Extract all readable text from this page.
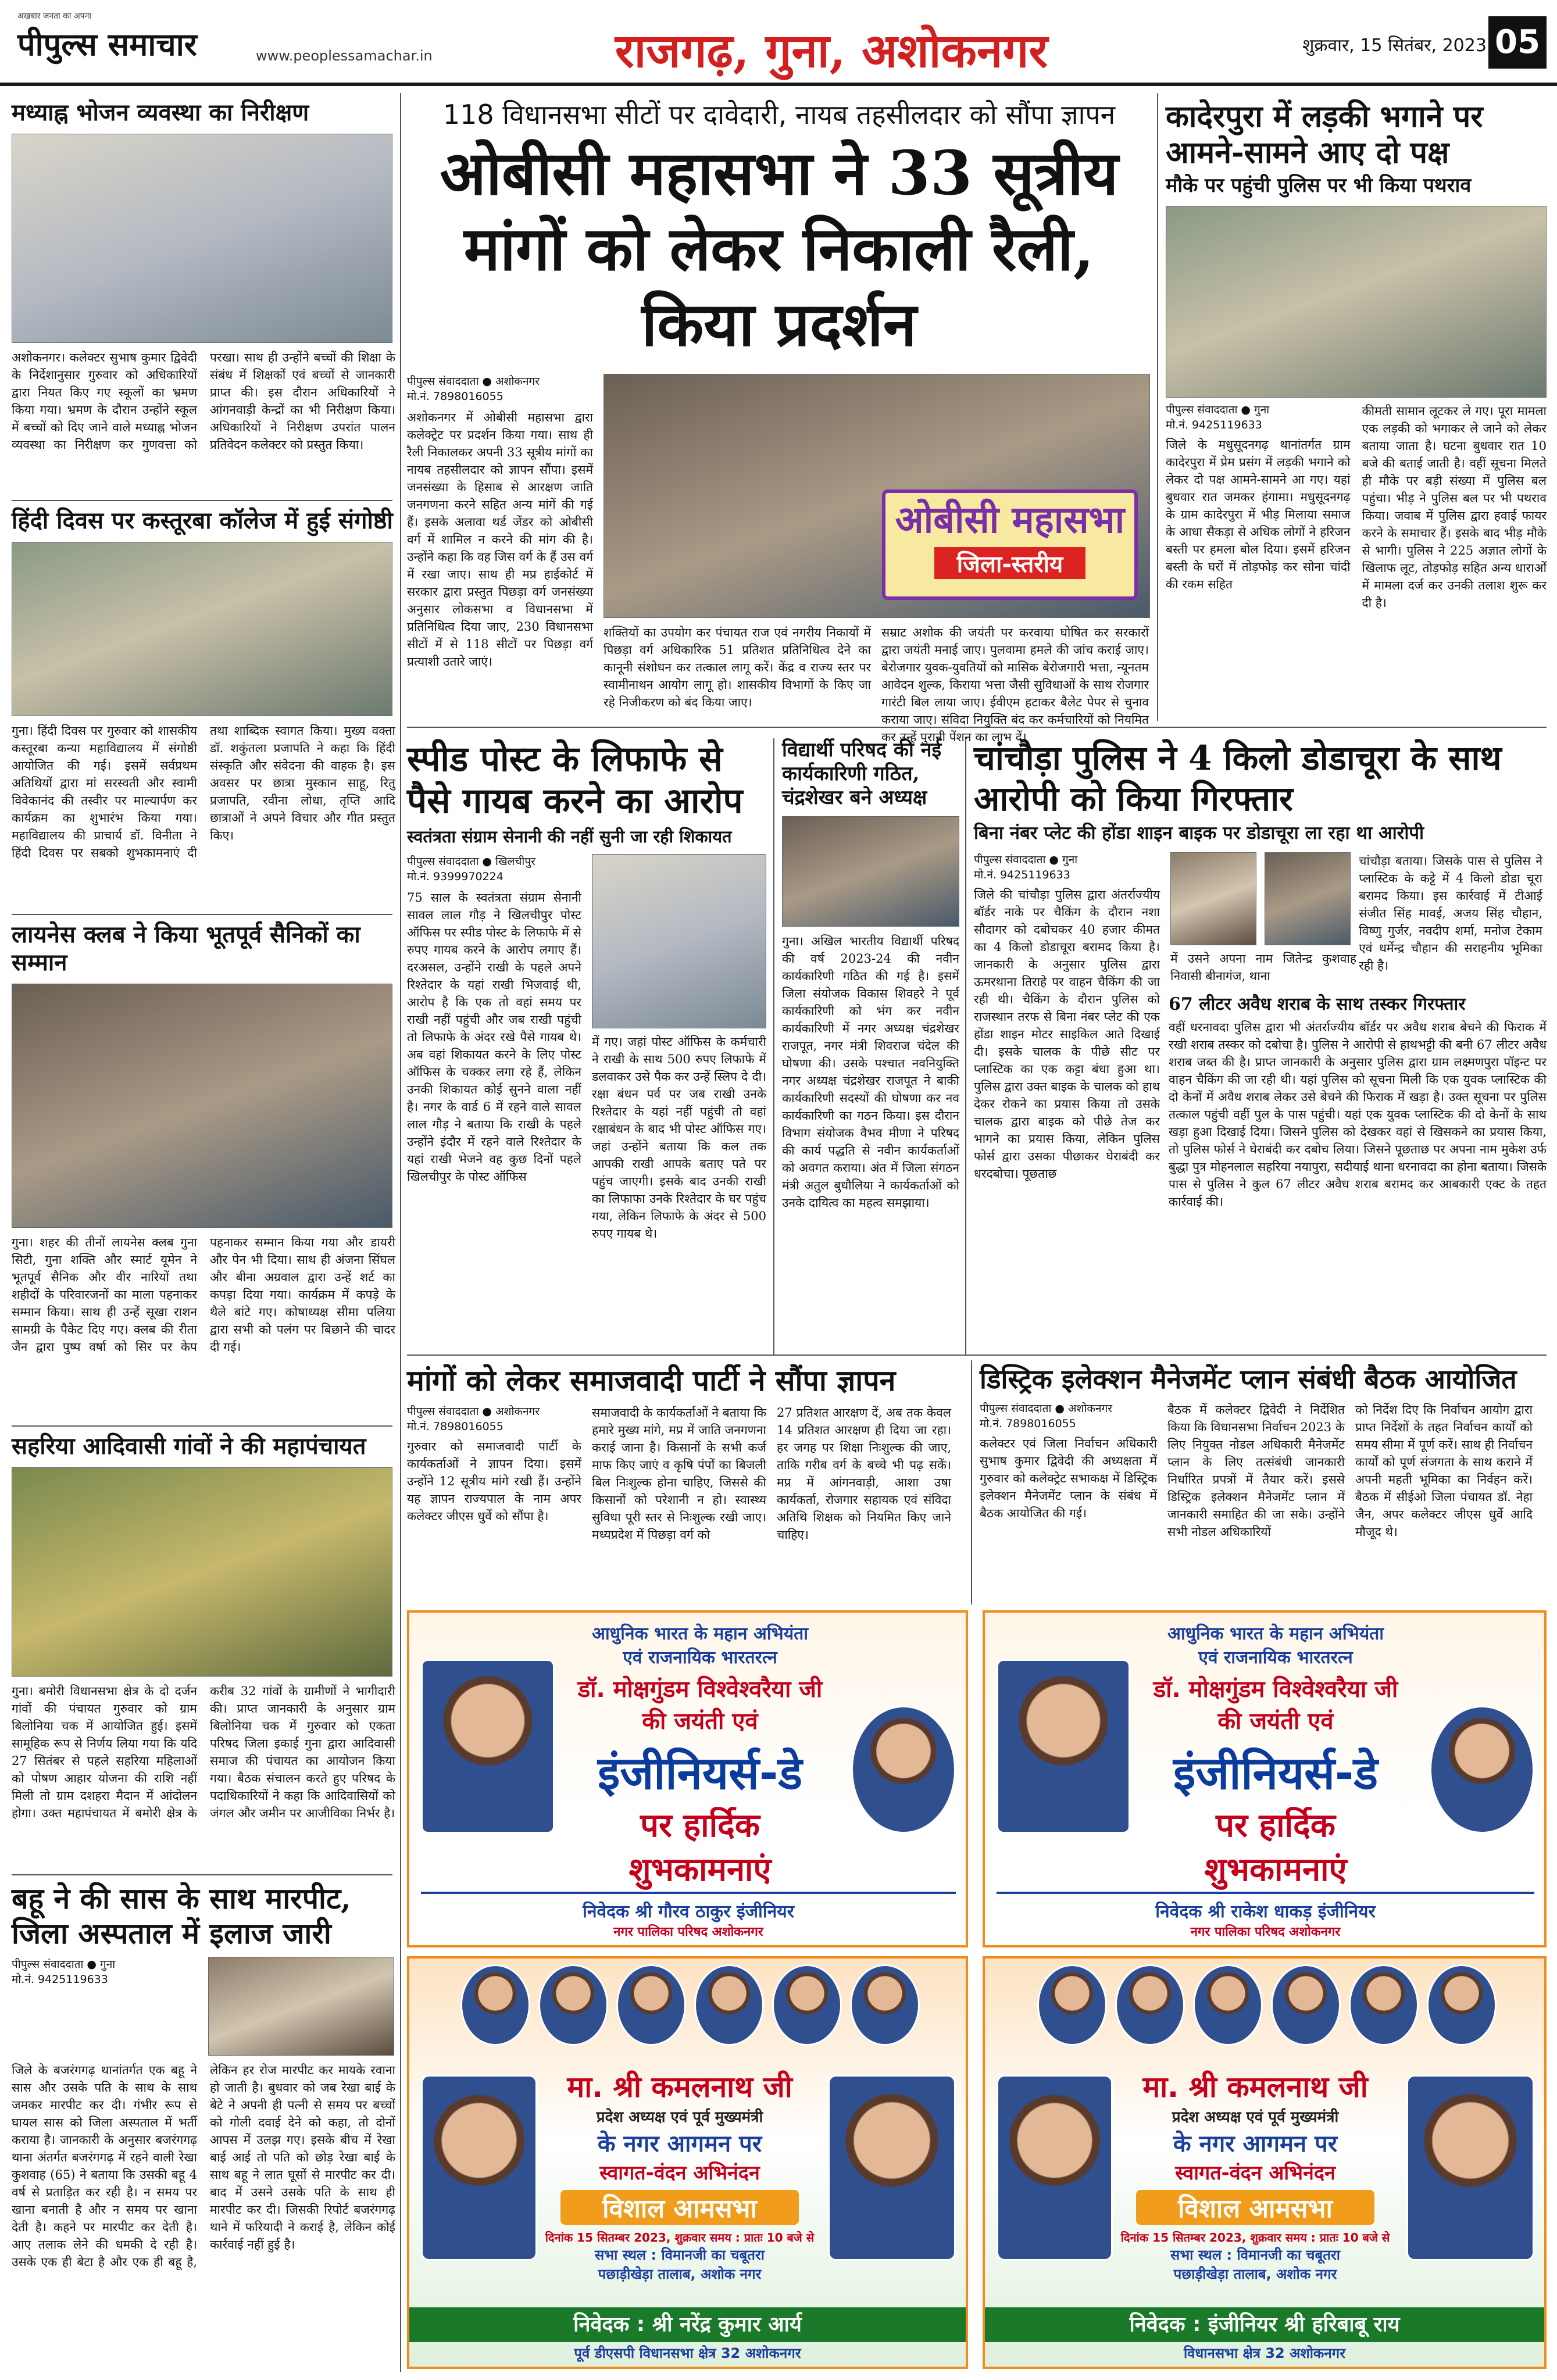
अखबार जनता का अपना
पीपुल्स समाचार	www.peoplessamachar.in	राजगढ़, गुना, अशोकनगर	शुक्रवार, 15 सितंबर, 2023 05
मध्याह्न भोजन व्यवस्था का निरीक्षण
अशोकनगर। कलेक्टर सुभाष कुमार द्विवेदी के निर्देशानुसार गुरुवार को अधिकारियों द्वारा नियत किए गए स्कूलों का भ्रमण किया गया। भ्रमण के दौरान उन्होंने स्कूल में बच्चों को दिए जाने वाले मध्याह्न भोजन व्यवस्था का निरीक्षण कर गुणवत्ता को परखा। साथ ही उन्होंने बच्चों की शिक्षा के संबंध में शिक्षकों एवं बच्चों से जानकारी प्राप्त की। इस दौरान अधिकारियों ने आंगनवाड़ी केन्द्रों का भी निरीक्षण किया। अधिकारियों ने निरीक्षण उपरांत पालन प्रतिवेदन कलेक्टर को प्रस्तुत किया।
हिंदी दिवस पर कस्तूरबा कॉलेज में हुई संगोष्ठी
गुना। हिंदी दिवस पर गुरुवार को शासकीय कस्तूरबा कन्या महाविद्यालय में संगोष्ठी आयोजित की गई। इसमें सर्वप्रथम अतिथियों द्वारा मां सरस्वती और स्वामी विवेकानंद की तस्वीर पर माल्यार्पण कर कार्यक्रम का शुभारंभ किया गया। महाविद्यालय की प्राचार्य डॉ. विनीता ने हिंदी दिवस पर सबको शुभकामनाएं दी तथा शाब्दिक स्वागत किया। मुख्य वक्ता डॉ. शकुंतला प्रजापति ने कहा कि हिंदी संस्कृति और संवेदना की वाहक है। इस अवसर पर छात्रा मुस्कान साहू, रितु प्रजापति, रवीना लोधा, तृप्ति आदि छात्राओं ने अपने विचार और गीत प्रस्तुत किए।
लायनेस क्लब ने किया भूतपूर्व सैनिकों का सम्मान
गुना। शहर की तीनों लायनेस क्लब गुना सिटी, गुना शक्ति और स्मार्ट यूमेन ने भूतपूर्व सैनिक और वीर नारियों तथा शहीदों के परिवारजनों का माला पहनाकर सम्मान किया। साथ ही उन्हें सूखा राशन सामग्री के पैकेट दिए गए। क्लब की रीता जैन द्वारा पुष्प वर्षा को सिर पर केप पहनाकर सम्मान किया गया और डायरी और पेन भी दिया। साथ ही अंजना सिंघल और बीना अग्रवाल द्वारा उन्हें शर्ट का कपड़ा दिया गया। कार्यक्रम में कपड़े के थैले बांटे गए। कोषाध्यक्ष सीमा पलिया द्वारा सभी को पलंग पर बिछाने की चादर दी गई।
सहरिया आदिवासी गांवों ने की महापंचायत
गुना। बमोरी विधानसभा क्षेत्र के दो दर्जन गांवों की पंचायत गुरुवार को ग्राम बिलोनिया चक में आयोजित हुई। इसमें सामूहिक रूप से निर्णय लिया गया कि यदि 27 सितंबर से पहले सहरिया महिलाओं को पोषण आहार योजना की राशि नहीं मिली तो ग्राम दशहरा मैदान में आंदोलन होगा। उक्त महापंचायत में बमोरी क्षेत्र के करीब 32 गांवों के ग्रामीणों ने भागीदारी की। प्राप्त जानकारी के अनुसार ग्राम बिलोनिया चक में गुरुवार को एकता परिषद जिला इकाई गुना द्वारा आदिवासी समाज की पंचायत का आयोजन किया गया। बैठक संचालन करते हुए परिषद के पदाधिकारियों ने कहा कि आदिवासियों को जंगल और जमीन पर आजीविका निर्भर है।
बहू ने की सास के साथ मारपीट, जिला अस्पताल में इलाज जारी
पीपुल्स संवाददाता ● गुना
मो.नं. 9425119633
जिले के बजरंगगढ़ थानांतर्गत एक बहू ने सास और उसके पति के साथ के साथ जमकर मारपीट कर दी। गंभीर रूप से घायल सास को जिला अस्पताल में भर्ती कराया है। जानकारी के अनुसार बजरंगगढ़ थाना अंतर्गत बजरंगगढ़ में रहने वाली रेखा कुशवाह (65) ने बताया कि उसकी बहू 4 वर्ष से प्रताड़ित कर रही है। न समय पर खाना बनाती है और न समय पर खाना देती है। कहने पर मारपीट कर देती है। आए तलाक लेने की धमकी दे रही है। उसके एक ही बेटा है और एक ही बहू है, लेकिन हर रोज मारपीट कर मायके रवाना हो जाती है। बुधवार को जब रेखा बाई के बेटे ने अपनी ही पत्नी से समय पर बच्चों को गोली दवाई देने को कहा, तो दोनों आपस में उलझ गए। इसके बीच में रेखा बाई आई तो पति को छोड़ रेखा बाई के साथ बहू ने लात घूसों से मारपीट कर दी। बाद में उसने उसके पति के साथ ही मारपीट कर दी। जिसकी रिपोर्ट बजरंगगढ़ थाने में फरियादी ने कराई है, लेकिन कोई कार्रवाई नहीं हुई है।
118 विधानसभा सीटों पर दावेदारी, नायब तहसीलदार को सौंपा ज्ञापन
ओबीसी महासभा ने 33 सूत्रीय मांगों को लेकर निकाली रैली, किया प्रदर्शन
पीपुल्स संवाददाता ● अशोकनगर
मो.नं. 7898016055
अशोकनगर में ओबीसी महासभा द्वारा कलेक्ट्रेट पर प्रदर्शन किया गया। साथ ही रैली निकालकर अपनी 33 सूत्रीय मांगों का नायब तहसीलदार को ज्ञापन सौंपा। इसमें जनसंख्या के हिसाब से आरक्षण जाति जनगणना करने सहित अन्य मांगें की गई हैं। इसके अलावा थर्ड जेंडर को ओबीसी वर्ग में शामिल न करने की मांग की है। उन्होंने कहा कि वह जिस वर्ग के हैं उस वर्ग में रखा जाए। साथ ही मप्र हाईकोर्ट में सरकार द्वारा प्रस्तुत पिछड़ा वर्ग जनसंख्या अनुसार लोकसभा व विधानसभा में प्रतिनिधित्व दिया जाए, 230 विधानसभा सीटों में से 118 सीटों पर पिछड़ा वर्ग प्रत्याशी उतारे जाएं।
ओबीसी महासभा
जिला-स्तरीय
शक्तियों का उपयोग कर पंचायत राज एवं नगरीय निकायों में पिछड़ा वर्ग अधिकारिक 51 प्रतिशत प्रतिनिधित्व देने का कानूनी संशोधन कर तत्काल लागू करें। केंद्र व राज्य स्तर पर स्वामीनाथन आयोग लागू हो। शासकीय विभागों के किए जा रहे निजीकरण को बंद किया जाए।
सम्राट अशोक की जयंती पर करवाया घोषित कर सरकारों द्वारा जयंती मनाई जाए। पुलवामा हमले की जांच कराई जाए। बेरोजगार युवक-युवतियों को मासिक बेरोजगारी भत्ता, न्यूनतम आवेदन शुल्क, किराया भत्ता जैसी सुविधाओं के साथ रोजगार गारंटी बिल लाया जाए। ईवीएम हटाकर बैलेट पेपर से चुनाव कराया जाए। संविदा नियुक्ति बंद कर कर्मचारियों को नियमित कर उन्हें पुरानी पेंशन का लाभ दें।
कादेरपुरा में लड़की भगाने पर आमने-सामने आए दो पक्ष
मौके पर पहुंची पुलिस पर भी किया पथराव
पीपुल्स संवाददाता ● गुना
मो.नं. 9425119633
जिले के मधुसूदनगढ़ थानांतर्गत ग्राम कादेरपुरा में प्रेम प्रसंग में लड़की भगाने को लेकर दो पक्ष आमने-सामने आ गए। यहां बुधवार रात जमकर हंगामा। मधुसूदनगढ़ के ग्राम कादेरपुरा में भीड़ मिलाया समाज के आधा सैकड़ा से अधिक लोगों ने हरिजन बस्ती पर हमला बोल दिया। इसमें हरिजन बस्ती के घरों में तोड़फोड़ कर सोना चांदी की रकम सहित
कीमती सामान लूटकर ले गए। पूरा मामला एक लड़की को भगाकर ले जाने को लेकर बताया जाता है। घटना बुधवार रात 10 बजे की बताई जाती है। वहीं सूचना मिलते ही मौके पर बड़ी संख्या में पुलिस बल पहुंचा। भीड़ ने पुलिस बल पर भी पथराव किया। जवाब में पुलिस द्वारा हवाई फायर करने के समाचार हैं। इसके बाद भीड़ मौके से भागी। पुलिस ने 225 अज्ञात लोगों के खिलाफ लूट, तोड़फोड़ सहित अन्य धाराओं में मामला दर्ज कर उनकी तलाश शुरू कर दी है।
स्पीड पोस्ट के लिफाफे से पैसे गायब करने का आरोप
स्वतंत्रता संग्राम सेनानी की नहीं सुनी जा रही शिकायत
पीपुल्स संवाददाता ● खिलचीपुर
मो.नं. 9399970224
75 साल के स्वतंत्रता संग्राम सेनानी सावल लाल गौड़ ने खिलचीपुर पोस्ट ऑफिस पर स्पीड पोस्ट के लिफाफे में से रुपए गायब करने के आरोप लगाए हैं। दरअसल, उन्होंने राखी के पहले अपने रिश्तेदार के यहां राखी भिजवाई थी, आरोप है कि एक तो वहां समय पर राखी नहीं पहुंची और जब राखी पहुंची तो लिफाफे के अंदर रखे पैसे गायब थे। अब वहां शिकायत करने के लिए पोस्ट ऑफिस के चक्कर लगा रहे हैं, लेकिन उनकी शिकायत कोई सुनने वाला नहीं है। नगर के वार्ड 6 में रहने वाले सावल लाल गौड़ ने बताया कि राखी के पहले उन्होंने इंदौर में रहने वाले रिश्तेदार के यहां राखी भेजने वह कुछ दिनों पहले खिलचीपुर के पोस्ट ऑफिस
में गए। जहां पोस्ट ऑफिस के कर्मचारी ने राखी के साथ 500 रुपए लिफाफे में डलवाकर उसे पैक कर उन्हें स्लिप दे दी। रक्षा बंधन पर्व पर जब राखी उनके रिश्तेदार के यहां नहीं पहुंची तो वहां रक्षाबंधन के बाद भी पोस्ट ऑफिस गए। जहां उन्होंने बताया कि कल तक आपकी राखी आपके बताए पते पर पहुंच जाएगी। इसके बाद उनकी राखी का लिफाफा उनके रिश्तेदार के घर पहुंच गया, लेकिन लिफाफे के अंदर से 500 रुपए गायब थे।
विद्यार्थी परिषद की नई कार्यकारिणी गठित, चंद्रशेखर बने अध्यक्ष
गुना। अखिल भारतीय विद्यार्थी परिषद की वर्ष 2023-24 की नवीन कार्यकारिणी गठित की गई है। इसमें जिला संयोजक विकास शिवहरे ने पूर्व कार्यकारिणी को भंग कर नवीन कार्यकारिणी में नगर अध्यक्ष चंद्रशेखर राजपूत, नगर मंत्री शिवराज चंदेल की घोषणा की। उसके पश्चात नवनियुक्ति नगर अध्यक्ष चंद्रशेखर राजपूत ने बाकी कार्यकारिणी सदस्यों की घोषणा कर नव कार्यकारिणी का गठन किया। इस दौरान विभाग संयोजक वैभव मीणा ने परिषद की कार्य पद्धति से नवीन कार्यकर्ताओं को अवगत कराया। अंत में जिला संगठन मंत्री अतुल बुधौलिया ने कार्यकर्ताओं को उनके दायित्व का महत्व समझाया।
चांचौड़ा पुलिस ने 4 किलो डोडाचूरा के साथ आरोपी को किया गिरफ्तार
बिना नंबर प्लेट की होंडा शाइन बाइक पर डोडाचूरा ला रहा था आरोपी
पीपुल्स संवाददाता ● गुना
मो.नं. 9425119633
जिले की चांचौड़ा पुलिस द्वारा अंतर्राज्यीय बॉर्डर नाके पर चैकिंग के दौरान नशा सौदागर को दबोचकर 40 हजार कीमत का 4 किलो डोडाचूरा बरामद किया है। जानकारी के अनुसार पुलिस द्वारा ऊमरथाना तिराहे पर वाहन चैकिंग की जा रही थी। चैकिंग के दौरान पुलिस को राजस्थान तरफ से बिना नंबर प्लेट की एक होंडा शाइन मोटर साइकिल आते दिखाई दी। इसके चालक के पीछे सीट पर प्लास्टिक का एक कट्टा बंधा हुआ था। पुलिस द्वारा उक्त बाइक के चालक को हाथ देकर रोकने का प्रयास किया तो उसके चालक द्वारा बाइक को पीछे तेज कर भागने का प्रयास किया, लेकिन पुलिस फोर्स द्वारा उसका पीछाकर घेराबंदी कर धरदबोचा। पूछताछ
चांचौड़ा बताया। जिसके पास से पुलिस ने प्लास्टिक के कट्टे में 4 किलो डोडा चूरा बरामद किया। इस कार्रवाई में टीआई संजीत सिंह मावई, अजय सिंह चौहान, विष्णु गुर्जर, नवदीप शर्मा, मनोज टेकाम एवं धर्मेन्द्र चौहान की सराहनीय भूमिका रही है।
में उसने अपना नाम जितेन्द्र कुशवाह निवासी बीनागंज, थाना
67 लीटर अवैध शराब के साथ तस्कर गिरफ्तार
वहीं धरनावदा पुलिस द्वारा भी अंतर्राज्यीय बॉर्डर पर अवैध शराब बेचने की फिराक में रखी शराब तस्कर को दबोचा है। पुलिस ने आरोपी से हाथभट्टी की बनी 67 लीटर अवैध शराब जब्त की है। प्राप्त जानकारी के अनुसार पुलिस द्वारा ग्राम लक्ष्मणपुरा पॉइन्ट पर वाहन चैकिंग की जा रही थी। यहां पुलिस को सूचना मिली कि एक युवक प्लास्टिक की दो केनों में अवैध शराब लेकर उसे बेचने की फिराक में खड़ा है। उक्त सूचना पर पुलिस तत्काल पहुंची वहीं पुल के पास पहुंची। यहां एक युवक प्लास्टिक की दो केनों के साथ खड़ा हुआ दिखाई दिया। जिसने पुलिस को देखकर वहां से खिसकने का प्रयास किया, तो पुलिस फोर्स ने घेराबंदी कर दबोच लिया। जिसने पूछताछ पर अपना नाम मुकेश उर्फ बुद्धा पुत्र मोहनलाल सहरिया नयापुरा, सदीयाई थाना धरनावदा का होना बताया। जिसके पास से पुलिस ने कुल 67 लीटर अवैध शराब बरामद कर आबकारी एक्ट के तहत कार्रवाई की।
मांगों को लेकर समाजवादी पार्टी ने सौंपा ज्ञापन
पीपुल्स संवाददाता ● अशोकनगर
मो.नं. 7898016055
गुरुवार को समाजवादी पार्टी के कार्यकर्ताओं ने ज्ञापन दिया। इसमें उन्होंने 12 सूत्रीय मांगे रखी हैं। उन्होंने यह ज्ञापन राज्यपाल के नाम अपर कलेक्टर जीएस धुर्वे को सौंपा है।
समाजवादी के कार्यकर्ताओं ने बताया कि हमारे मुख्य मांगे, मप्र में जाति जनगणना कराई जाना है। किसानों के सभी कर्ज माफ किए जाएं व कृषि पंपों का बिजली बिल निःशुल्क होना चाहिए, जिससे की किसानों को परेशानी न हो। स्वास्थ्य सुविधा पूरी स्तर से निःशुल्क रखी जाए। मध्यप्रदेश में पिछड़ा वर्ग को
27 प्रतिशत आरक्षण दें, अब तक केवल 14 प्रतिशत आरक्षण ही दिया जा रहा। हर जगह पर शिक्षा निःशुल्क की जाए, ताकि गरीब वर्ग के बच्चे भी पढ़ सकें। मप्र में आंगनवाड़ी, आशा उषा कार्यकर्ता, रोजगार सहायक एवं संविदा अतिथि शिक्षक को नियमित किए जाने चाहिए।
डिस्ट्रिक इलेक्शन मैनेजमेंट प्लान संबंधी बैठक आयोजित
पीपुल्स संवाददाता ● अशोकनगर
मो.नं. 7898016055
कलेक्टर एवं जिला निर्वाचन अधिकारी सुभाष कुमार द्विवेदी की अध्यक्षता में गुरुवार को कलेक्ट्रेट सभाकक्ष में डिस्ट्रिक इलेक्शन मैनेजमेंट प्लान के संबंध में बैठक आयोजित की गई।
बैठक में कलेक्टर द्विवेदी ने निर्देशित किया कि विधानसभा निर्वाचन 2023 के लिए नियुक्त नोडल अधिकारी मैनेजमेंट प्लान के लिए तत्संबंधी जानकारी निर्धारित प्रपत्रों में तैयार करें। इससे डिस्ट्रिक इलेक्शन मैनेजमेंट प्लान में जानकारी समाहित की जा सके। उन्होंने सभी नोडल अधिकारियों
को निर्देश दिए कि निर्वाचन आयोग द्वारा प्राप्त निर्देशों के तहत निर्वाचन कार्यों को समय सीमा में पूर्ण करें। साथ ही निर्वाचन कार्यों को पूर्ण संजगता के साथ कराने में अपनी महती भूमिका का निर्वहन करें। बैठक में सीईओ जिला पंचायत डॉ. नेहा जैन, अपर कलेक्टर जीएस धुर्वे आदि मौजूद थे।
आधुनिक भारत के महान अभियंता
एवं राजनायिक भारतरत्न
डॉ. मोक्षगुंडम विश्वेश्वरैया जी
की जयंती एवं
इंजीनियर्स-डे
पर हार्दिक
शुभकामनाएं
निवेदक श्री गौरव ठाकुर इंजीनियर
नगर पालिका परिषद अशोकनगर
आधुनिक भारत के महान अभियंता
एवं राजनायिक भारतरत्न
डॉ. मोक्षगुंडम विश्वेश्वरैया जी
की जयंती एवं
इंजीनियर्स-डे
पर हार्दिक
शुभकामनाएं
निवेदक श्री राकेश धाकड़ इंजीनियर
नगर पालिका परिषद अशोकनगर
मा. श्री कमलनाथ जी
प्रदेश अध्यक्ष एवं पूर्व मुख्यमंत्री
के नगर आगमन पर
स्वागत-वंदन अभिनंदन
विशाल आमसभा
दिनांक 15 सितम्बर 2023, शुक्रवार समय : प्रातः 10 बजे से
सभा स्थल : विमानजी का चबूतरा
पछाड़ीखेड़ा तालाब, अशोक नगर
निवेदक : श्री नरेंद्र कुमार आर्य
पूर्व डीएसपी विधानसभा क्षेत्र 32 अशोकनगर
मा. श्री कमलनाथ जी
प्रदेश अध्यक्ष एवं पूर्व मुख्यमंत्री
के नगर आगमन पर
स्वागत-वंदन अभिनंदन
विशाल आमसभा
दिनांक 15 सितम्बर 2023, शुक्रवार समय : प्रातः 10 बजे से
सभा स्थल : विमानजी का चबूतरा
पछाड़ीखेड़ा तालाब, अशोक नगर
निवेदक : इंजीनियर श्री हरिबाबू राय
विधानसभा क्षेत्र 32 अशोकनगर
